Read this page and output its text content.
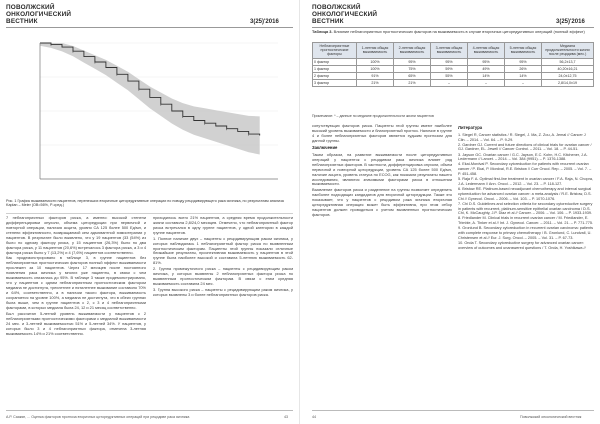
ПОВОЛЖСКИЙ
ОНКОЛОГИЧЕСКИЙ
ВЕСТНИК	3(25)'2016
Рис. 1 График выживаемости пациентов, перенесших вторичные циторедуктивные операции по поводу рецидивирующего рака яичника, по результатам анализа Kaplan – Meier (ОВ=56%, Р-сред.)

7 неблагоприятных факторов риска, а именно: высокой степени дифференцировки опухоли, объема циторедукции при первичной и повторной операции, наличия асцита, уровня СА 125 более 500 Ед/мл, и степени эффективности, возвращаемой кем адъювантной химиотерапии у пациентов. В результате было выявлено, что у 19 пациентов (33 (54%) из было по одному фактору риска, у 15 пациентов (26,3%) было по два фактора риска, у 11 пациентов (20,6%) встречалось 3 фактора риска, а 3 и 4 фактора риска было у 7 (13,2%) и 4 (7,6%) пациентов соответственно.

Как продемонстрировано в таблице 3, в группе пациентов без неблагоприятных прогностических факторов полный эффект выживаемости прослежен за 10 пациентов. Через 17 месяцев после постоянного появления рака яичника у многих уже пациенты, в связи с чем выживаемость снизилась до 95%. В таблице 3 также продемонстрировано, что у пациентов с одним неблагоприятным прогностическим фактором медиана не достигнута, трехлетнее и пятилетнее выживание составило 70% и 64%, соответственно, а в наличии такого фактора, выживаемость сохраняется на уровне 100%, а медиана не достигнута, что в обеих группах была выше, чем в группе пациентов с 2, с 3 и 4 неблагоприятными факторами, в которых медиана была 24, 12 и 21 месяц соответственно.

Был рассчитан 5-летний уровень выживаемости у пациентов с 2 неблагоприятными прогностическими факторами с медианой выживаемости 24 мес. и 3-летней выживаемостью 51% и 5-летней 34%. У пациентов, у которых было 3 и 4 неблагоприятных фактора, отмечена 3-летняя выживаемость 14% и 21% соответственно.

приходилось всего 21% пациентов, а средняя время продолжительности жизни составила 2,8/24,0 месяцев. Отмечено, что неблагоприятный фактор риска встречался в одну группе пациентов, у одной категории в каждой группе пациентов.

1. Полное наличие двух – пациенты с рецидивирующим раком яичника, у которых наблюдалась 1 неблагоприятный фактор риска по выявленным прогностическим факторам. Пациенты этой группы показали отличные ближайшие результаты, проспективная выживаемость у пациентов в этой группе была наиболее высокой и составила 5-летнюю выживаемость 62-81%.

2. Группа промежуточного риска – пациенты с рецидивирующим раком яичника, у которых выявлены 2 неблагоприятных фактора риска по выявленным прогностическим факторам. В связи с этим средняя выживаемость составила 24 мес.

3. Группа высокого риска – пациенты с рецидивирующим раком яичника, у которых выявлены 3 и более неблагоприятных факторов риска.

А.Р. Саакян, ... Оценка факторов прогноза вторичных циторедуктивных операций при рецидиве рака яичника	43
ПОВОЛЖСКИЙ
ОНКОЛОГИЧЕСКИЙ
ВЕСТНИК	3(25)'2016
Таблица 3. Влияние неблагоприятных прогностических факторов на выживаемость в случае вторичных циторедуктивных операций (полный эффект)
Неблагоприятные прогностические факторы	1-летняя общая выживаемость	2-летняя общая выживаемость	3-летняя общая выживаемость	4-летняя общая выживаемость	5-летняя общая выживаемость	Медиана продолжительности жизни после рецидива (мес.)
0 фактор	100%	95%	95%	95%	95%	56,2±13,7
1 фактор	100%	75%	59%	49%	26%	40,20±16,21
2 фактор	91%	65%	55%	14%	14%	24,0±12,75
3 фактор	21%	21%	–	–	–	2,8/14,0±19
Примечание: * – данные по медиане продолжительности жизни пациентов

сопутствующих факторов риска. Пациенты этой группы имеют наиболее высокий уровень выживаемости и благоприятный прогноз. Наличие в группе 4 и более неблагоприятных факторов является худшим прогнозом для данной группы.

Заключение

Таким образом, на развитие выживаемости после циторедуктивных операций у пациенток с рецидивом рака яичника влияет ряд неблагоприятных факторов. В частности, дифференцировка опухоли, объем первичной и повторной циторедукции, уровень СА 125 более 500 Ед/мл, наличие асцита, уровень статуса по ECOG, как показали результаты нашего исследования, являются значимыми факторами риска в отношении выживаемости.

Выявление факторов риска и разделение на группы позволяет определить наиболее подходящих кандидатов для вторичной циторедукции. Также это показывает, что у пациентов с рецидивом рака яичника вторичная циторедуктивная операция может быть эффективна, при этом отбор пациентов должен проводиться с учетом выявленных прогностических факторов.

Литература
1. Siegel R, Cancer statistics / R. Siegel, J. Ma, Z. Zou, A. Jemal // Cancer J Clin. – 2014. – Vol. 64. – P. 9-29.
2. Gardner GJ. Current and future directions of clinical trials for ovarian cancer / GJ. Gardner, EL. Jewell // Cancer Control. – 2011. – Vol. 18. – P. 44-51.
3. Jayson GC. Ovarian cancer / G.C. Jayson, E.C. Kohn, H.C. Kitchener, J.A. Ledermann // Lancet. – 2014. – Vol. 384 (9951). – P. 1376-1388.
4. Ekai-Mordval P. Secondary cytoreduction for patients with recurrent ovarian cancer / P. Ekai, P. Mordval, R.E. Bristow // Curr Oncol. Rep. – 2005. – Vol. 7. – P. 451-458.
5. Raja F. A. Optimal first-line treatment in ovarian cancer / F.A. Raja, N. Chopra, J.A. Ledermann // Ann. Oncol. – 2012. – Vol. 23. – P. 118-127.
6. Bristow RE. Platinum-based neoadjuvant chemotherapy and interval surgical cytoreduction for advanced ovarian cancer: a meta-analysis / R.E. Bristow, D.S. Chi // Gynecol. Oncol. – 2006. – Vol. 103. – P. 1070-1076.
7. Chi D.S. Guidelines and selection criteria for secondary cytoreductive surgery in patients with recurrent, platinum-sensitive epithelial ovarian carcinoma / D.S. Chi, K. McCaughty, J.P. Diaz et al // Cancer. – 2006. – Vol. 106. – P. 1933-1939.
8. Friedlander M. Clinical trials in recurrent ovarian cancer / M. Friedlander, E. Trimble, A. Tinker et al // Int. J. Gynecol. Cancer. – 2011. – Vol. 21. – P. 771-775.
9. Gronlund B. Secondary cytoreduction in recurrent ovarian carcinoma: patients with complete response to primary chemotherapy / B. Gronlund, C. Lundvall, U. Christensen et al // Eur. J. Surg. Oncol. – 2005. – Vol. 31. – P. 67-73.
10. Onda T. Secondary cytoreductive surgery for advanced ovarian cancer: overview of outcomes and unanswered questions / T. Onda, H. Yoshikawa //
44	Поволжский онкологический вестник
